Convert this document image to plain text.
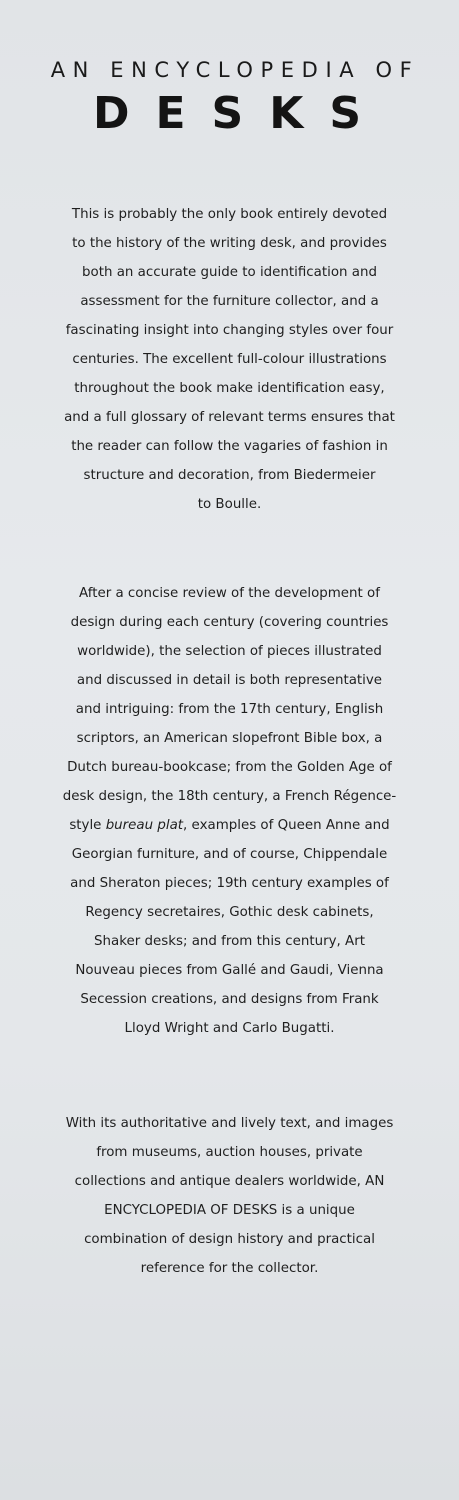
AN ENCYCLOPEDIA OF
DESKS
This is probably the only book entirely devoted
to the history of the writing desk, and provides
both an accurate guide to identification and
assessment for the furniture collector, and a
fascinating insight into changing styles over four
centuries. The excellent full-colour illustrations
throughout the book make identification easy,
and a full glossary of relevant terms ensures that
the reader can follow the vagaries of fashion in
structure and decoration, from Biedermeier
to Boulle.
After a concise review of the development of
design during each century (covering countries
worldwide), the selection of pieces illustrated
and discussed in detail is both representative
and intriguing: from the 17th century, English
scriptors, an American slopefront Bible box, a
Dutch bureau-bookcase; from the Golden Age of
desk design, the 18th century, a French Régence-
style bureau plat, examples of Queen Anne and
Georgian furniture, and of course, Chippendale
and Sheraton pieces; 19th century examples of
Regency secretaires, Gothic desk cabinets,
Shaker desks; and from this century, Art
Nouveau pieces from Gallé and Gaudi, Vienna
Secession creations, and designs from Frank
Lloyd Wright and Carlo Bugatti.
With its authoritative and lively text, and images
from museums, auction houses, private
collections and antique dealers worldwide, AN
ENCYCLOPEDIA OF DESKS is a unique
combination of design history and practical
reference for the collector.
